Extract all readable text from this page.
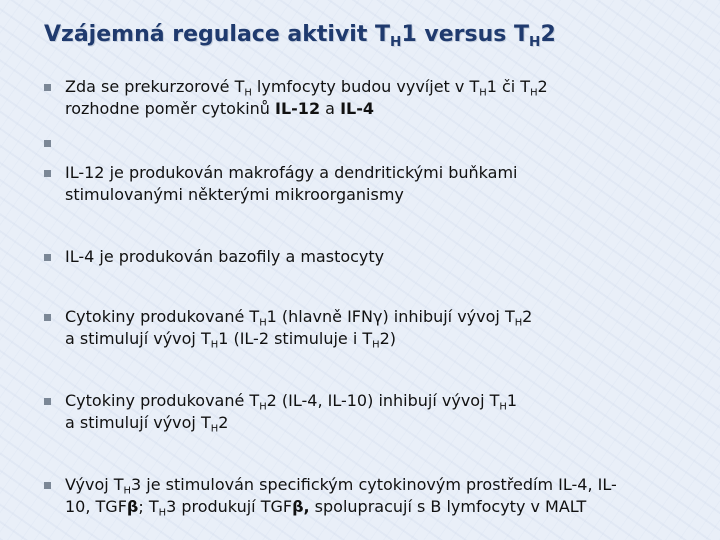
Vzájemná regulace aktivit $T_H1$ versus $T_H2$
Zda se prekurzorové $T_H$ lymfocyty budou vyvíjet v $T_H1$ či $T_H2$
rozhodne poměr cytokinů IL-12 a IL-4
IL-12 je produkován makrofágy a dendritickými buňkami
stimulovanými některými mikroorganismy
IL-4 je produkován bazofily a mastocyty
Cytokiny produkované $T_H1$ (hlavně IFNγ) inhibují vývoj $T_H2$
a stimulují vývoj $T_H1$ (IL-2 stimuluje i $T_H2$)
Cytokiny produkované $T_H2$ (IL-4, IL-10) inhibují vývoj $T_H1$
a stimulují vývoj $T_H2$
Vývoj $T_H3$ je stimulován specifickým cytokinovým prostředím IL-4, IL-
10, TGFβ; $T_H3$ produkují TGFβ, spolupracují s B lymfocyty v MALT
